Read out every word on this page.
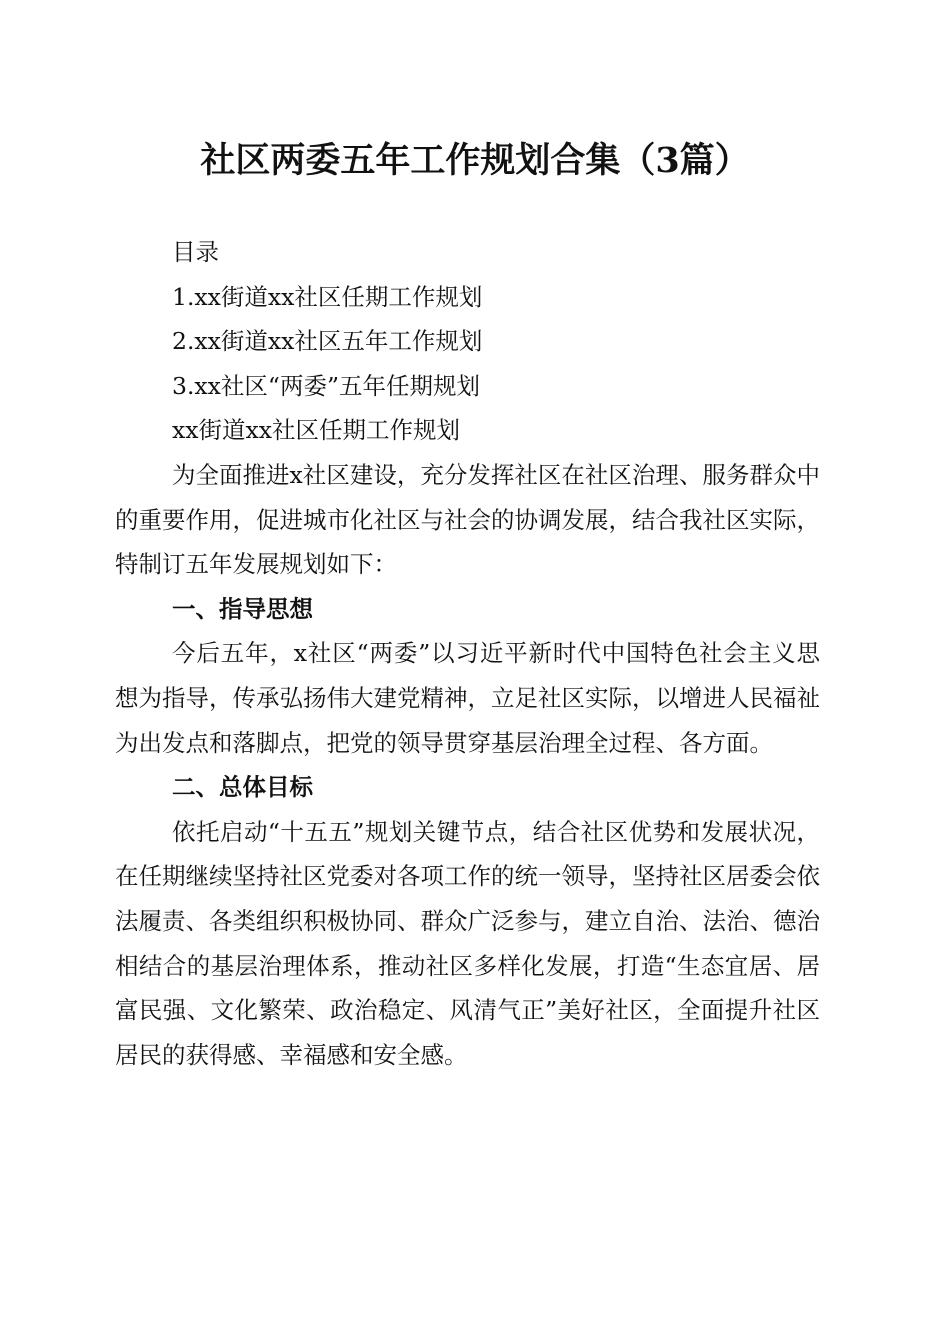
社区两委五年工作规划合集（3篇）

目录

1.xx街道xx社区任期工作规划

2.xx街道xx社区五年工作规划

3.xx社区“两委”五年任期规划

xx街道xx社区任期工作规划

为全面推进x社区建设，充分发挥社区在社区治理、服务群众中的重要作用，促进城市化社区与社会的协调发展，结合我社区实际，特制订五年发展规划如下：

一、指导思想

今后五年，x社区“两委”以习近平新时代中国特色社会主义思想为指导，传承弘扬伟大建党精神，立足社区实际，以增进人民福祉为出发点和落脚点，把党的领导贯穿基层治理全过程、各方面。

二、总体目标

依托启动“十五五”规划关键节点，结合社区优势和发展状况，在任期继续坚持社区党委对各项工作的统一领导，坚持社区居委会依法履责、各类组织积极协同、群众广泛参与，建立自治、法治、德治相结合的基层治理体系，推动社区多样化发展，打造“生态宜居、居富民强、文化繁荣、政治稳定、风清气正”美好社区，全面提升社区居民的获得感、幸福感和安全感。
